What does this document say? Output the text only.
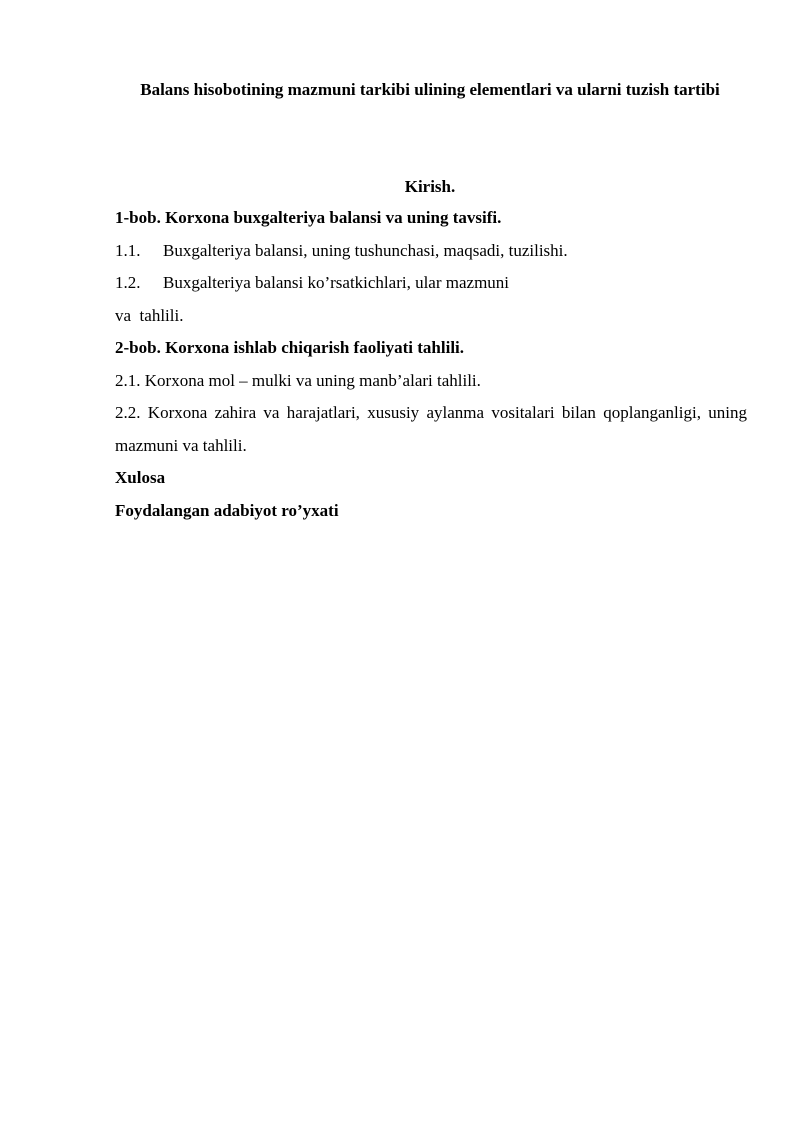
Balans hisobotining mazmuni tarkibi ulining elementlari va ularni tuzish tartibi

Kirish.

1-bob. Korxona buxgalteriya balansi va uning tavsifi.
1.1. Buxgalteriya balansi, uning tushunchasi, maqsadi, tuzilishi.
1.2. Buxgalteriya balansi ko’rsatkichlari, ular mazmuni
va  tahlili.
2-bob. Korxona ishlab chiqarish faoliyati tahlili.
2.1. Korxona mol – mulki va uning manb’alari tahlili.
2.2. Korxona zahira va harajatlari, xususiy aylanma vositalari bilan qoplanganligi, uning mazmuni va tahlili.
Xulosa
Foydalangan adabiyot ro’yxati
